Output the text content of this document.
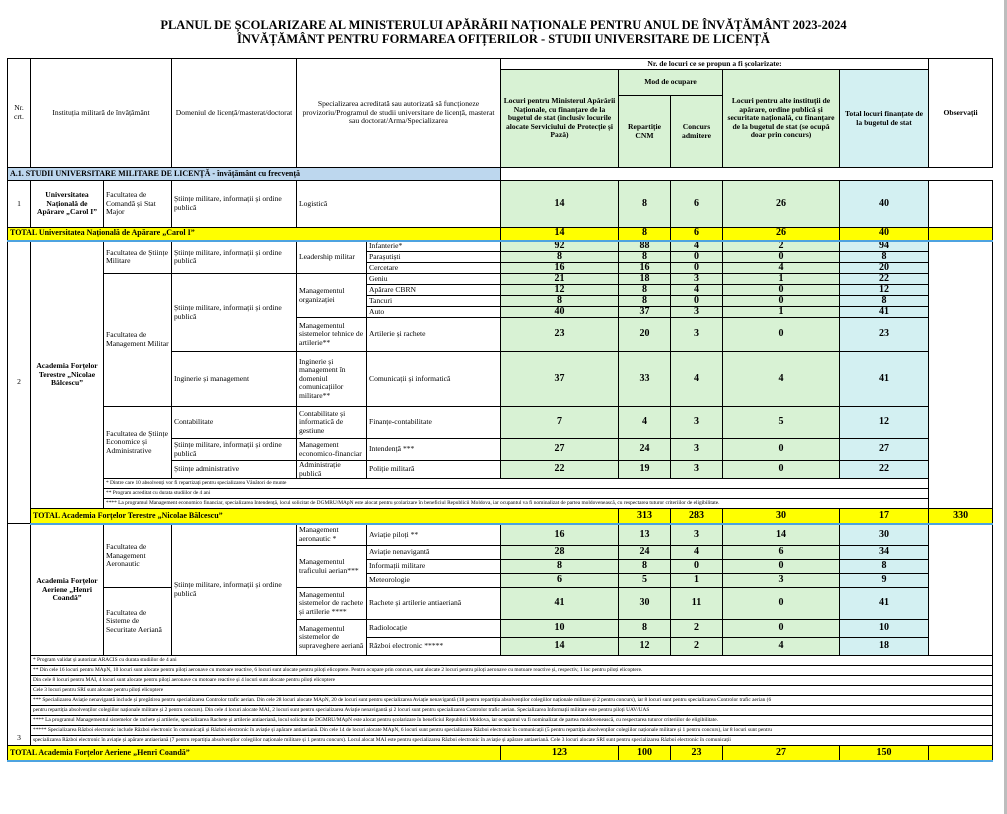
PLANUL DE ȘCOLARIZARE AL MINISTERULUI APĂRĂRII NAȚIONALE PENTRU ANUL DE ÎNVĂȚĂMÂNT 2023-2024
ÎNVĂȚĂMÂNT PENTRU FORMAREA OFIȚERILOR - STUDII UNIVERSITARE DE LICENȚĂ
Nr. crt.	Instituția militară de învățământ		Domeniul de licență/masterat/doctorat	Specializarea acreditată sau autorizată să funcționeze provizoriu/Programul de studii universitare de licență, masterat sau doctorat/Arma/Specializarea		Nr. de locuri ce se propun a fi școlarizate:					Observații	
						Locuri pentru Ministerul Apărării Naționale, cu finanțare de la bugetul de stat (inclusiv locurile alocate Serviciului de Protecție și Pază)	Mod de ocupare		Locuri pentru alte instituții de apărare, ordine publică și securitate națională, cu finanțare de la bugetul de stat (se ocupă doar prin concurs)	Total locuri finanțate de la bugetul de stat		
							Repartiție CNM	Concurs admitere				
A.1. STUDII UNIVERSITARE MILITARE DE LICENȚĂ - învățământ cu frecvență												
1	Universitatea Națională de Apărare „Carol I”	Facultatea de Comandă și Stat Major	Științe militare, informații și ordine publică	Logistică		14	8	6	26	40		
TOTAL Universitatea Națională de Apărare „Carol I”						14	8	6	26	40		
2	Academia Forțelor Terestre „Nicolae Bălcescu”	Facultatea de Științe Militare	Științe militare, informații și ordine publică	Leadership militar	Infanterie*	92	88	4	2	94		
					Parașutiști	8	8	0	0	8		
					Cercetare	16	16	0	4	20		
		Facultatea de Management Militar	Științe militare, informații și ordine publică	Managementul organizației	Geniu	21	18	3	1	22		
					Apărare CBRN	12	8	4	0	12		
					Tancuri	8	8	0	0	8		
					Auto	40	37	3	1	41		
				Managementul sistemelor tehnice de artilerie**	Artilerie și rachete	23	20	3	0	23		
			Inginerie și management	Inginerie și management în domeniul comunicațiilor militare**	Comunicații și informatică	37	33	4	4	41		
		Facultatea de Științe Economice și Administrative	Contabilitate	Contabilitate și informatică de gestiune	Finanțe-contabilitate	7	4	3	5	12		
			Științe militare, informații și ordine publică	Management economico-financiar	Intendență ***	27	24	3	0	27		
			Științe administrative	Administrație publică	Poliție militară	22	19	3	0	22		
		* Dintre care 10 absolvenți vor fi repartizați pentru specializarea Vânători de munte										
		** Program acreditat cu durata studiilor de 4 ani										
		**** La programul Management economico financiar, specializarea Intendență, locul solicitat de DGMRU/MApN este alocat pentru școlarizare în beneficiul Republicii Moldova, iar ocupantul va fi nominalizat de partea moldovenească, cu respectarea tuturor criteriilor de eligibilitate.										
	TOTAL Academia Forțelor Terestre „Nicolae Bălcescu”						313	283	30	17	330	
3	Academia Forțelor Aeriene „Henri Coandă”	Facultatea de Management Aeronautic	Științe militare, informații și ordine publică	Management aeronautic *	Aviație piloți **	16	13	3	14	30		
				Managementul traficului aerian***	Aviație nenavigantă	28	24	4	6	34		
					Informații militare	8	8	0	0	8		
					Meteorologie	6	5	1	3	9		
		Facultatea de Sisteme de Securitate Aeriană		Managementul sistemelor de rachete și artilerie ****	Rachete și artilerie antiaeriană	41	30	11	0	41		
				Managementul sistemelor de supraveghere aeriană	Radiolocație	10	8	2	0	10		
					Război electronic *****	14	12	2	4	18		
	* Program validat și autorizat ARACIS cu durata studiilor de 4 ani											
	** Din cele 16 locuri pentru MApN, 10 locuri sunt alocate pentru piloți aeronave cu motoare reactive, 6 locuri sunt alocate pentru piloți elicoptere. Pentru ocupare prin concurs, sunt alocate 2 locuri pentru piloți aeronave cu motoare reactive și, respectiv, 1 loc pentru piloți elicoptere.											
	Din cele 8 locuri pentru MAI, 4 locuri sunt alocate pentru piloți aeronave cu motoare reactive și 4 locuri sunt alocate pentru piloți elicoptere											
	Cele 3 locuri pentru SRI sunt alocate pentru piloți elicoptere											
	*** Specializarea Aviație nenavigantă include și pregătirea pentru specializarea Controlor trafic aerian. Din cele 28 locuri alocate MApN, 20 de locuri sunt pentru specializarea Aviație nenavigantă (18 pentru repartiția absolvenților colegiilor naționale militare și 2 pentru concurs), iar 8 locuri sunt pentru specializarea Controlor trafic aerian (6											
	pentru repartiția absolvenților colegiilor naționale militare și 2 pentru concurs). Din cele 4 locuri alocate MAI, 2 locuri sunt pentru specializarea Aviație nenavigantă și 2 locuri sunt pentru specializarea Controlor trafic aerian. Specializarea Informații militare este pentru piloți UAV/UAS											
	**** La programul Managementul sistemelor de rachete și artilerie, specializarea Rachete și artilerie antiaeriană, locul solicitat de DGMRU/MApN este alocat pentru școlarizare în beneficiul Republicii Moldova, iar ocupantul va fi nominalizat de partea moldovenească, cu respectarea tuturor criteriilor de eligibilitate.											
	***** Specializarea Război electronic include Război electronic în comunicații și Război electronic în aviație și apărare antiaeriană. Din cele 14 de locuri alocate MApN, 6 locuri sunt pentru specializarea Război electronic în comunicații (5 pentru repartiția absolvenților colegiilor naționale militare și 1 pentru concurs), iar 8 locuri sunt pentru											
	specializarea Război electronic în aviație și apărare antiaeriană (7 pentru repartiția absolvenților colegiilor naționale militare și 1 pentru concurs). Locul alocat MAI este pentru specializarea Război electronic în aviație și apărare antiaeriană. Cele 3 locuri alocate SRI sunt pentru specializarea Război electronic în comunicații											
TOTAL Academia Forțelor Aeriene „Henri Coandă”						123	100	23	27	150		
